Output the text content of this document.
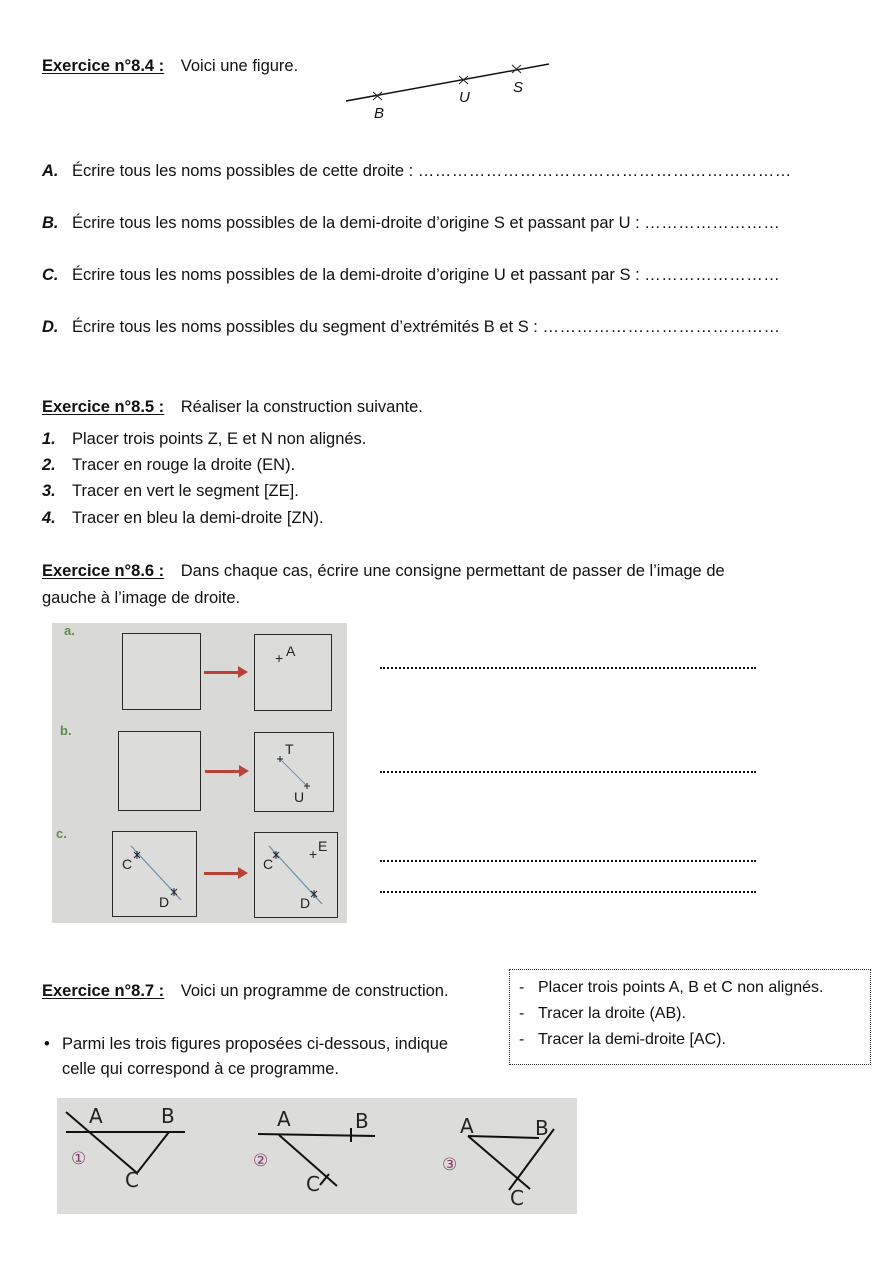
Exercice n°8.4 : Voici une figure.
B
U
S
A. Écrire tous les noms possibles de cette droite :
…………………………………………………………
B. Écrire tous les noms possibles de la demi-droite d’origine S et passant par U :
……………………
C. Écrire tous les noms possibles de la demi-droite d’origine U et passant par S :
……………………
D. Écrire tous les noms possibles du segment d’extrémités B et S :
……………………………………
Exercice n°8.5 : Réaliser la construction suivante.
1. Placer trois points Z, E et N non alignés.
2. Tracer en rouge la droite (EN).
3. Tracer en vert le segment [ZE].
4. Tracer en bleu la demi-droite [ZN).
Exercice n°8.6 : Dans chaque cas, écrire une consigne permettant de passer de l’image de
gauche à l’image de droite.
a.
+ A
b.
T
U
c.
C
D
C
D
+ E
Exercice n°8.7 : Voici un programme de construction.
• Parmi les trois figures proposées ci-dessous, indique
celle qui correspond à ce programme.
- Placer trois points A, B et C non alignés.
- Tracer la droite (AB).
- Tracer la demi-droite [AC).
A	B
C
①
A	B
C
②
A	B
C
③
